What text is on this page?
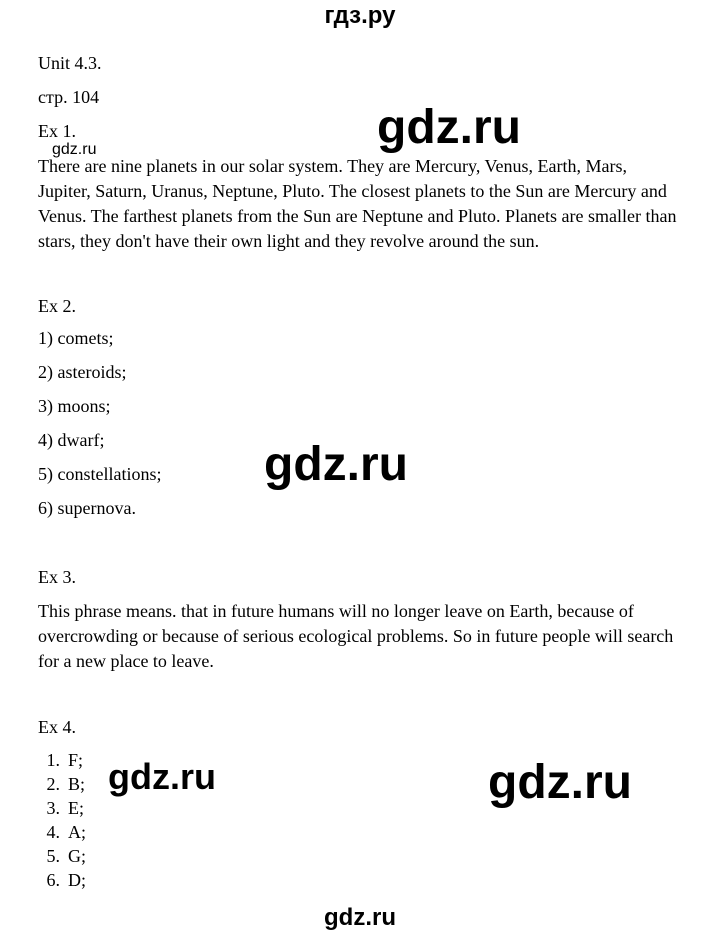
гдз.ру
Unit 4.3.
стр. 104
Ex 1.
There are nine planets in our solar system. They are Mercury, Venus, Earth, Mars, Jupiter, Saturn, Uranus, Neptune, Pluto. The closest planets to the Sun are Mercury and Venus. The farthest planets from the Sun are Neptune and Pluto. Planets are smaller than stars, they don't have their own light and they revolve around the sun.
Ex 2.
1) comets;
2) asteroids;
3) moons;
4) dwarf;
5) constellations;
6) supernova.
Ex 3.
This phrase means. that in future humans will no longer leave on Earth, because of overcrowding or because of serious ecological problems. So in future people will search for a new place to leave.
Ex 4.
1. F;
2. B;
3. E;
4. A;
5. G;
6. D;
gdz.ru	gdz.ru
gdz.ru
gdz.ru	gdz.ru
gdz.ru
